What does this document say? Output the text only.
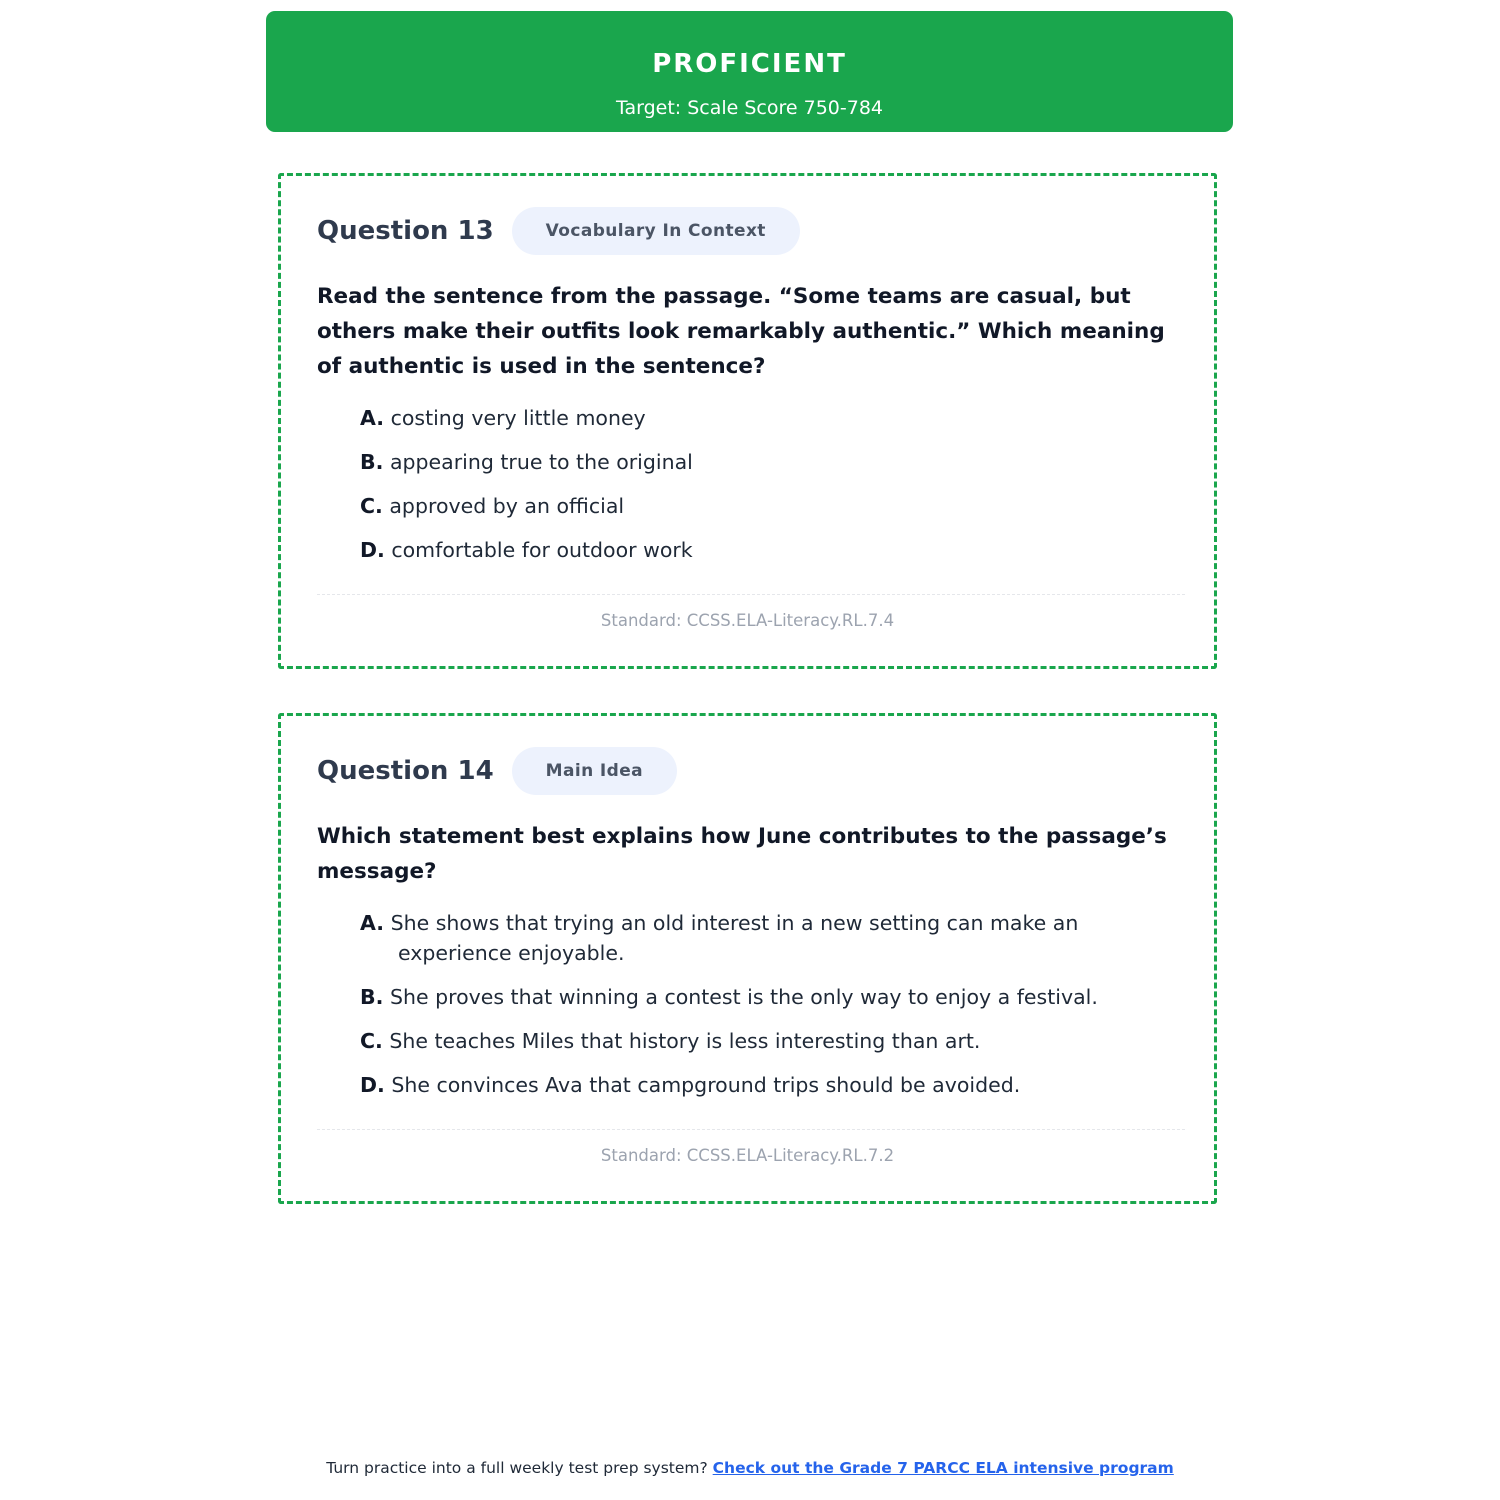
PROFICIENT
Target: Scale Score 750-784
Question 13	Vocabulary In Context

Read the sentence from the passage. “Some teams are casual, but others make their outfits look remarkably authentic.” Which meaning of authentic is used in the sentence?

A. costing very little money
B. appearing true to the original
C. approved by an official
D. comfortable for outdoor work
Standard: CCSS.ELA-Literacy.RL.7.4
Question 14	Main Idea

Which statement best explains how June contributes to the passage’s message?

A. She shows that trying an old interest in a new setting can make an experience enjoyable.
B. She proves that winning a contest is the only way to enjoy a festival.
C. She teaches Miles that history is less interesting than art.
D. She convinces Ava that campground trips should be avoided.
Standard: CCSS.ELA-Literacy.RL.7.2
Turn practice into a full weekly test prep system? Check out the Grade 7 PARCC ELA intensive program
